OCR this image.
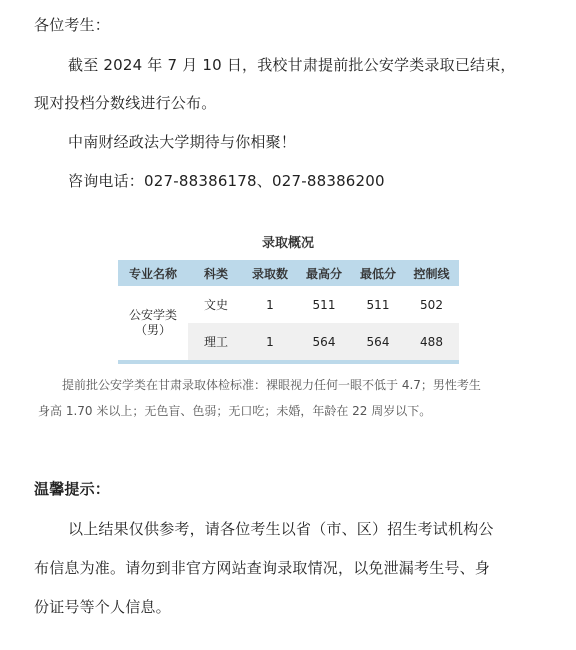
各位考生：
截至 2024 年 7 月 10 日，我校甘肃提前批公安学类录取已结束，
现对投档分数线进行公布。
中南财经政法大学期待与你相聚！
咨询电话：027-88386178、027-88386200
录取概况
专业名称	科类	录取数	最高分	最低分	控制线

公安学类
（男）	文史	1	511	511	502
	理工	1	564	564	488
提前批公安学类在甘肃录取体检标准：裸眼视力任何一眼不低于 4.7；男性考生
身高 1.70 米以上；无色盲、色弱；无口吃；未婚，年龄在 22 周岁以下。
温馨提示：
以上结果仅供参考，请各位考生以省（市、区）招生考试机构公
布信息为准。请勿到非官方网站查询录取情况，以免泄漏考生号、身
份证号等个人信息。
